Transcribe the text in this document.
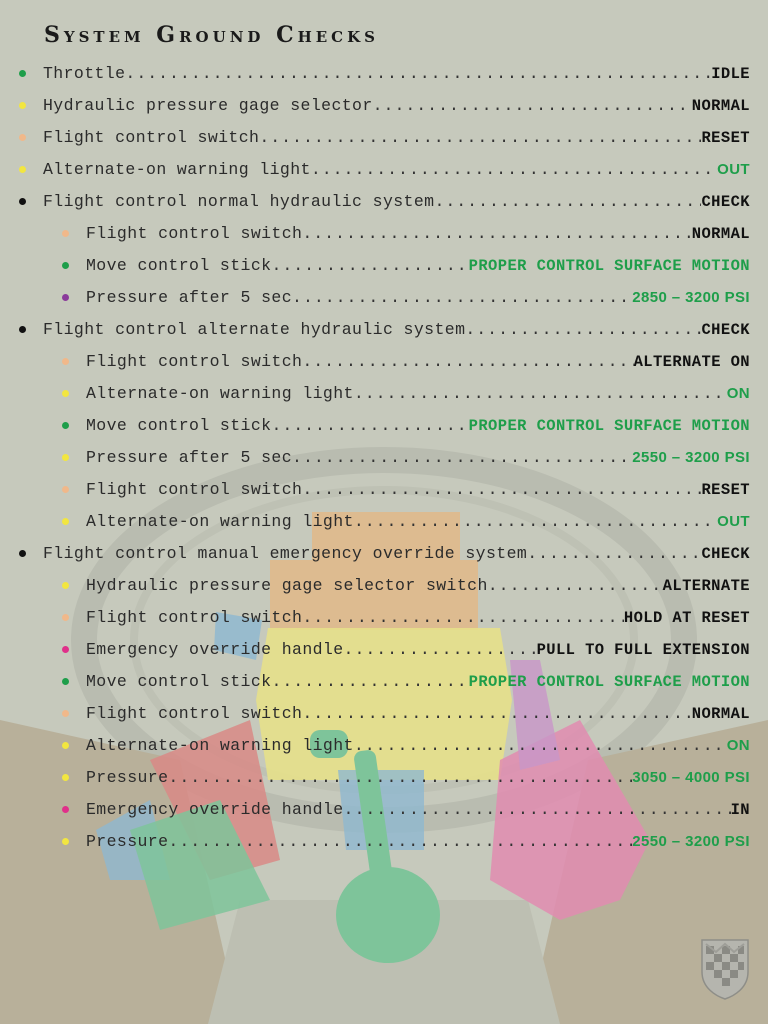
System Ground Checks
Throttle .....	IDLE
Hydraulic pressure gage selector .....	NORMAL
Flight control switch .....	RESET
Alternate-on warning light .....	OUT
Flight control normal hydraulic system .....	CHECK
Flight control switch .....	NORMAL
Move control stick .....	PROPER CONTROL SURFACE MOTION
Pressure after 5 sec .....	2850 – 3200 PSI
Flight control alternate hydraulic system .....	CHECK
Flight control switch .....	ALTERNATE ON
Alternate-on warning light .....	ON
Move control stick .....	PROPER CONTROL SURFACE MOTION
Pressure after 5 sec .....	2550 – 3200 PSI
Flight control switch .....	RESET
Alternate-on warning light .....	OUT
Flight control manual emergency override system .....	CHECK
Hydraulic pressure gage selector switch .....	ALTERNATE
Flight control switch .....	HOLD AT RESET
Emergency override handle .....	PULL TO FULL EXTENSION
Move control stick .....	PROPER CONTROL SURFACE MOTION
Flight control switch .....	NORMAL
Alternate-on warning light .....	ON
Pressure .....	3050 – 4000 PSI
Emergency override handle .....	IN
Pressure .....	2550 – 3200 PSI
